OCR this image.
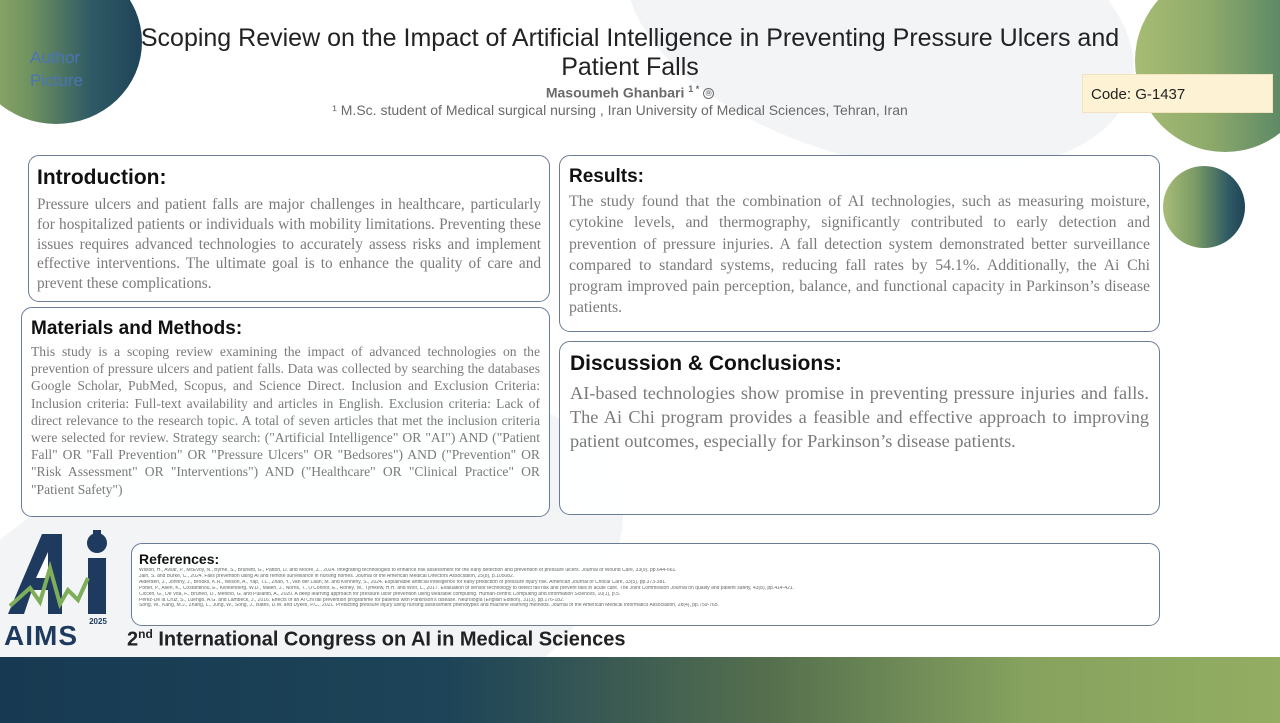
Author Picture
Scoping Review on the Impact of Artificial Intelligence in Preventing Pressure Ulcers and Patient Falls
Masoumeh Ghanbari $^{1 *}$ ℗
¹ M.Sc. student of Medical surgical nursing , Iran University of Medical Sciences, Tehran, Iran
Code: G-1437
Introduction:
Pressure ulcers and patient falls are major challenges in healthcare, particularly for hospitalized patients or individuals with mobility limitations. Preventing these issues requires advanced technologies to accurately assess risks and implement effective interventions. The ultimate goal is to enhance the quality of care and prevent these complications.
Materials and Methods:
This study is a scoping review examining the impact of advanced technologies on the prevention of pressure ulcers and patient falls. Data was collected by searching the databases Google Scholar, PubMed, Scopus, and Science Direct. Inclusion and Exclusion Criteria: Inclusion criteria: Full-text availability and articles in English. Exclusion criteria: Lack of direct relevance to the research topic. A total of seven articles that met the inclusion criteria were selected for review. Strategy search: ("Artificial Intelligence" OR "AI") AND ("Patient Fall" OR "Fall Prevention" OR "Pressure Ulcers" OR "Bedsores") AND ("Prevention" OR "Risk Assessment" OR "Interventions") AND ("Healthcare" OR "Clinical Practice" OR "Patient Safety")
Results:
The study found that the combination of AI technologies, such as measuring moisture, cytokine levels, and thermography, significantly contributed to early detection and prevention of pressure injuries. A fall detection system demonstrated better surveillance compared to standard systems, reducing fall rates by 54.1%. Additionally, the Ai Chi program improved pain perception, balance, and functional capacity in Parkinson’s disease patients.
Discussion & Conclusions:
AI-based technologies show promise in preventing pressure injuries and falls. The Ai Chi program provides a feasible and effective approach to improving patient outcomes, especially for Parkinson’s disease patients.
References:
Wilson, H., Avsar, P., McEvoy, N., Byrne, S., Brunetti, G., Patton, D. and Moore, Z., 2024. Integrating technologies to enhance risk assessment for the early detection and prevention of pressure ulcers. Journal of Wound Care, 33(9), pp.644-661.
Jain, S. and Burke, C., 2024. Falls prevention using AI and remote surveillance in nursing homes. Journal of the American Medical Directors Association, 25(8), p.105082.
Alderden, J., Johnny, J., Brooks, K.R., Wilson, A., Yap, T.L., Zhao, Y., van der Laan, M. and Kennerly, S., 2024. Explainable artificial intelligence for early prediction of pressure injury risk. American Journal of Critical Care, 33(5), pp.373-381.
Potter, P., Allen, K., Costantinou, E., Klinkenberg, W.D., Malen, J., Norris, T., O'Connor, E., Roney, W., Tymkew, H.H. and Wolf, L., 2017. Evaluation of sensor technology to detect fall risk and prevent falls in acute care. The Joint Commission Journal on quality and patient safety, 43(8), pp.414-421.
Cicceri, G., De Vita, F., Bruneo, D., Merlino, G. and Puliafito, A., 2020. A deep learning approach for pressure ulcer prevention using wearable computing. Human-centric Computing and Information Sciences, 10(1), p.5.
Pérez-De la Cruz, S., Luengo, A.G. and Lambeck, J., 2016. Effects of an Ai Chi fall prevention programme for patients with Parkinson's disease. Neurología (English Edition), 31(3), pp.176-182.
Song, W., Kang, M.J., Zhang, L., Jung, W., Song, J., Bates, D.W. and Dykes, P.C., 2021. Predicting pressure injury using nursing assessment phenotypes and machine learning methods. Journal of the American Medical Informatics Association, 28(4), pp.759-765.
2025
AIMS 2nd International Congress on AI in Medical Sciences
